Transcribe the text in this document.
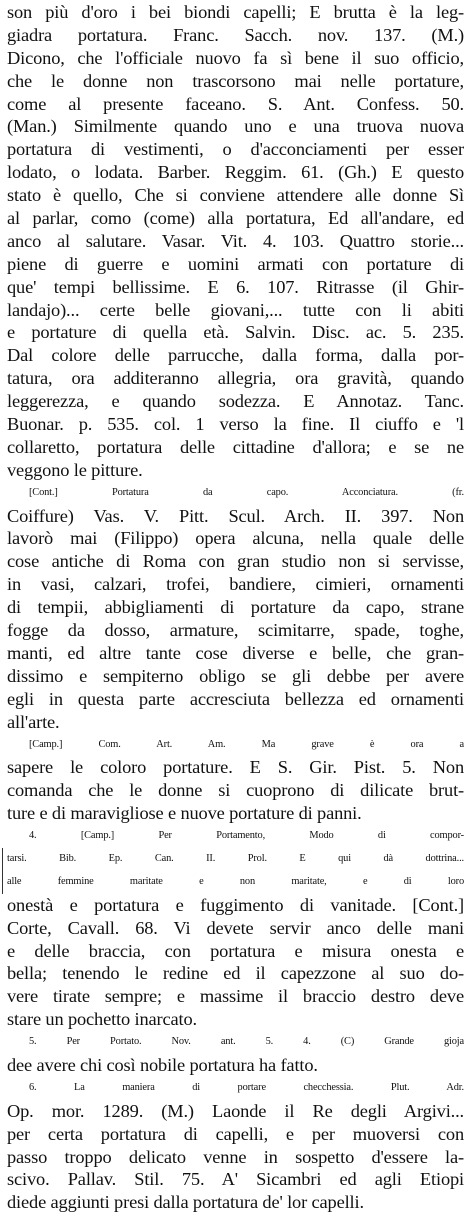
son più d'oro i bei biondi capelli; E brutta è la leg-
giadra portatura. Franc. Sacch. nov. 137. (M.)
Dicono, che l'officiale nuovo fa sì bene il suo officio,
che le donne non trascorsono mai nelle portature,
come al presente faceano. S. Ant. Confess. 50.
(Man.) Similmente quando uno e una truova nuova
portatura di vestimenti, o d'acconciamenti per esser
lodato, o lodata. Barber. Reggim. 61. (Gh.) E questo
stato è quello, Che si conviene attendere alle donne Sì
al parlar, como (come) alla portatura, Ed all'andare, ed
anco al salutare. Vasar. Vit. 4. 103. Quattro storie...
piene di guerre e uomini armati con portature di
que' tempi bellissime. E 6. 107. Ritrasse (il Ghir-
landajo)... certe belle giovani,... tutte con li abiti
e portature di quella età. Salvin. Disc. ac. 5. 235.
Dal colore delle parrucche, dalla forma, dalla por-
tatura, ora additeranno allegria, ora gravità, quando
leggerezza, e quando sodezza. E Annotaz. Tanc.
Buonar. p. 535. col. 1 verso la fine. Il ciuffo e 'l
collaretto, portatura delle cittadine d'allora; e se ne
veggono le pitture.
[Cont.] Portatura da capo. Acconciatura. (fr.
Coiffure) Vas. V. Pitt. Scul. Arch. II. 397. Non
lavorò mai (Filippo) opera alcuna, nella quale delle
cose antiche di Roma con gran studio non si servisse,
in vasi, calzari, trofei, bandiere, cimieri, ornamenti
di tempii, abbigliamenti di portature da capo, strane
fogge da dosso, armature, scimitarre, spade, toghe,
manti, ed altre tante cose diverse e belle, che gran-
dissimo e sempiterno obligo se gli debbe per avere
egli in questa parte accresciuta bellezza ed ornamenti
all'arte.
[Camp.] Com. Art. Am. Ma grave è ora a
sapere le coloro portature. E S. Gir. Pist. 5. Non
comanda che le donne si cuoprono di dilicate brut-
ture e di maravigliose e nuove portature di panni.
4. [Camp.] Per Portamento, Modo di compor-
tarsi. Bib. Ep. Can. II. Prol. E qui dà dottrina...
alle femmine maritate e non maritate, e di loro
onestà e portatura e fuggimento di vanitade. [Cont.]
Corte, Cavall. 68. Vi devete servir anco delle mani
e delle braccia, con portatura e misura onesta e
bella; tenendo le redine ed il capezzone al suo do-
vere tirate sempre; e massime il braccio destro deve
stare un pochetto inarcato.
5. Per Portato. Nov. ant. 5. 4. (C) Grande gioja
dee avere chi così nobile portatura ha fatto.
6. La maniera di portare checchessia. Plut. Adr.
Op. mor. 1289. (M.) Laonde il Re degli Argivi...
per certa portatura di capelli, e per muoversi con
passo troppo delicato venne in sospetto d'essere la-
scivo. Pallav. Stil. 75. A' Sicambri ed agli Etiopi
diede aggiunti presi dalla portatura de' lor capelli.
